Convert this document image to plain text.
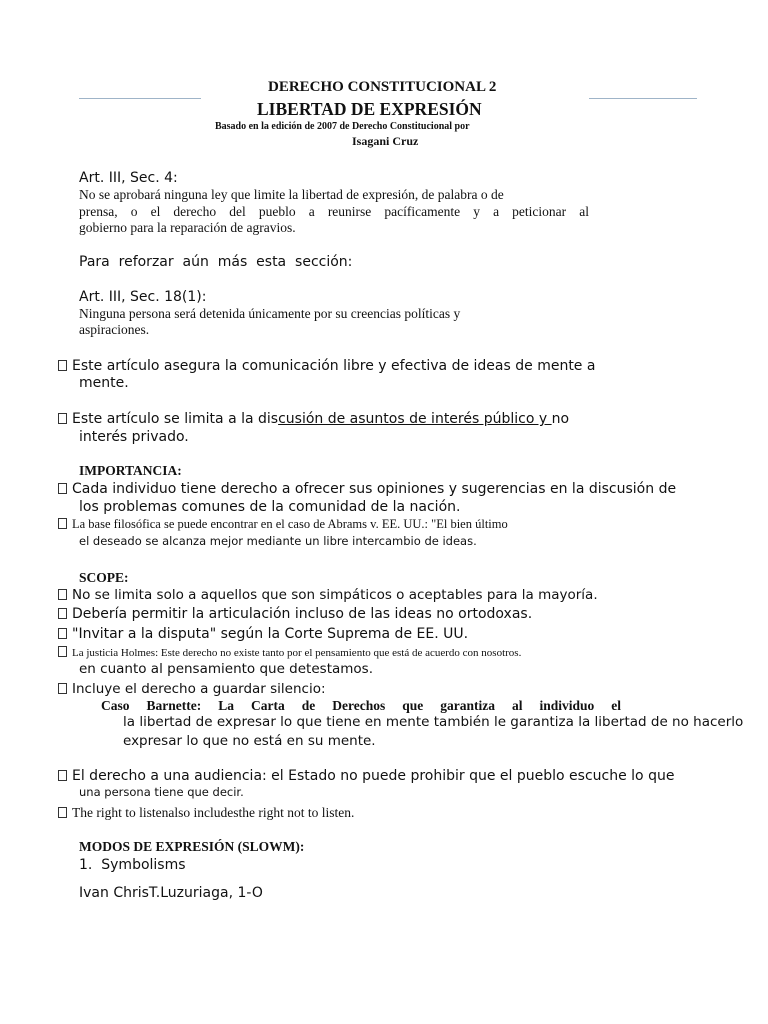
DERECHO CONSTITUCIONAL 2
LIBERTAD DE EXPRESIÓN
Basado en la edición de 2007 de Derecho Constitucional por
Isagani Cruz
Art. III, Sec. 4:
No se aprobará ninguna ley que limite la libertad de expresión, de palabra o de
prensa, o el derecho del pueblo a reunirse pacíficamente y a peticionar al
gobierno para la reparación de agravios.
Para  reforzar  aún  más  esta  sección:
Art. III, Sec. 18(1):
Ninguna persona será detenida únicamente por su creencias políticas y
aspiraciones.
Este artículo asegura la comunicación libre y efectiva de ideas de mente a
mente.
Este artículo se limita a la discusión de asuntos de interés público y no
interés privado.
IMPORTANCIA:
Cada individuo tiene derecho a ofrecer sus opiniones y sugerencias en la discusión de
los problemas comunes de la comunidad de la nación.
La base filosófica se puede encontrar en el caso de Abrams v. EE. UU.: "El bien último
el deseado se alcanza mejor mediante un libre intercambio de ideas.
SCOPE:
No se limita solo a aquellos que son simpáticos o aceptables para la mayoría.
Debería permitir la articulación incluso de las ideas no ortodoxas.
"Invitar a la disputa" según la Corte Suprema de EE. UU.
La justicia Holmes: Este derecho no existe tanto por el pensamiento que está de acuerdo con nosotros.
en cuanto al pensamiento que detestamos.
Incluye el derecho a guardar silencio:
Caso Barnette: La Carta de Derechos que garantiza al individuo el
la libertad de expresar lo que tiene en mente también le garantiza la libertad de no hacerlo
expresar lo que no está en su mente.
El derecho a una audiencia: el Estado no puede prohibir que el pueblo escuche lo que
una persona tiene que decir.
The right to listenalso includesthe right not to listen.
MODOS DE EXPRESIÓN (SLOWM):
1.  Symbolisms
Ivan ChrisT.Luzuriaga, 1-O
